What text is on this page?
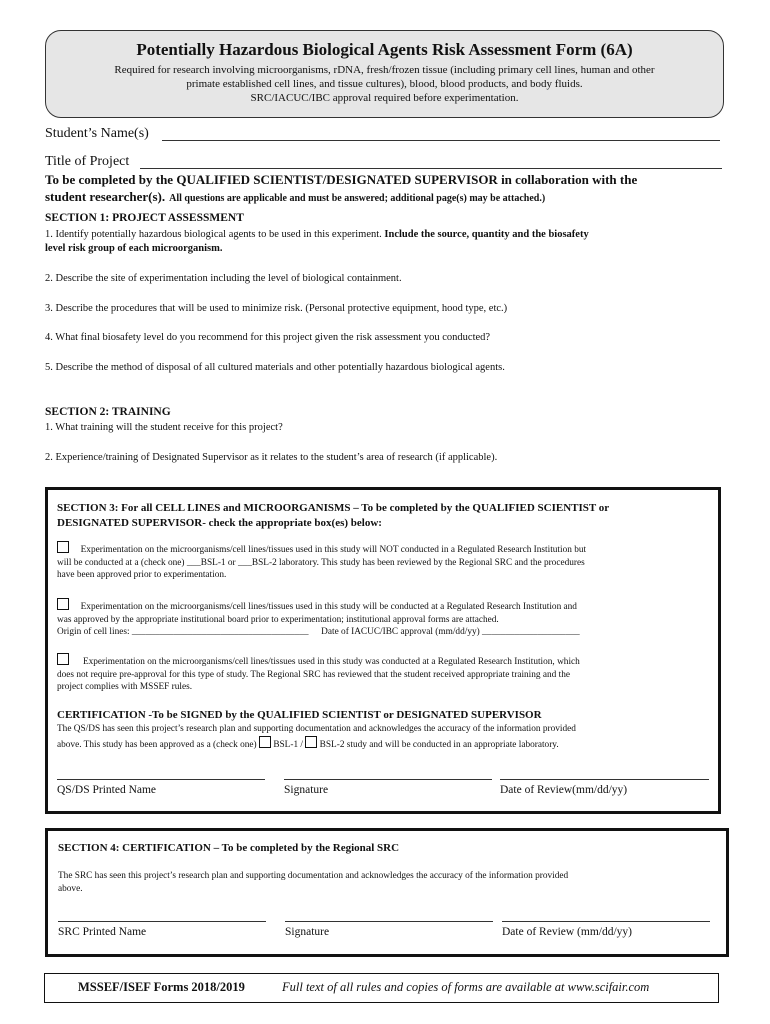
Potentially Hazardous Biological Agents Risk Assessment Form (6A)
Required for research involving microorganisms, rDNA, fresh/frozen tissue (including primary cell lines, human and other
primate established cell lines, and tissue cultures), blood, blood products, and body fluids.
SRC/IACUC/IBC approval required before experimentation.
Student’s Name(s)
Title of Project
To be completed by the QUALIFIED SCIENTIST/DESIGNATED SUPERVISOR in collaboration with the
student researcher(s). All questions are applicable and must be answered; additional page(s) may be attached.)
SECTION 1: PROJECT ASSESSMENT
1. Identify potentially hazardous biological agents to be used in this experiment. Include the source, quantity and the biosafety
level risk group of each microorganism.
2. Describe the site of experimentation including the level of biological containment.
3. Describe the procedures that will be used to minimize risk. (Personal protective equipment, hood type, etc.)
4. What final biosafety level do you recommend for this project given the risk assessment you conducted?
5. Describe the method of disposal of all cultured materials and other potentially hazardous biological agents.
SECTION 2: TRAINING
1. What training will the student receive for this project?
2. Experience/training of Designated Supervisor as it relates to the student’s area of research (if applicable).
SECTION 3: For all CELL LINES and MICROORGANISMS – To be completed by the QUALIFIED SCIENTIST or
DESIGNATED SUPERVISOR- check the appropriate box(es) below:
Experimentation on the microorganisms/cell lines/tissues used in this study will NOT conducted in a Regulated Research Institution but
will be conducted at a (check one) ___BSL-1 or ___BSL-2 laboratory. This study has been reviewed by the Regional SRC and the procedures
have been approved prior to experimentation.
Experimentation on the microorganisms/cell lines/tissues used in this study will be conducted at a Regulated Research Institution and
was approved by the appropriate institutional board prior to experimentation; institutional approval forms are attached.
Origin of cell lines: ______________________________________ Date of IACUC/IBC approval (mm/dd/yy) _____________________
Experimentation on the microorganisms/cell lines/tissues used in this study was conducted at a Regulated Research Institution, which
does not require pre-approval for this type of study. The Regional SRC has reviewed that the student received appropriate training and the
project complies with MSSEF rules.
CERTIFICATION -To be SIGNED by the QUALIFIED SCIENTIST or DESIGNATED SUPERVISOR
The QS/DS has seen this project’s research plan and supporting documentation and acknowledges the accuracy of the information provided
above. This study has been approved as a (check one) BSL-1 / BSL-2 study and will be conducted in an appropriate laboratory.
QS/DS Printed Name	Signature	Date of Review(mm/dd/yy)
SECTION 4: CERTIFICATION – To be completed by the Regional SRC
The SRC has seen this project’s research plan and supporting documentation and acknowledges the accuracy of the information provided
above.
SRC Printed Name	Signature	Date of Review (mm/dd/yy)
MSSEF/ISEF Forms 2018/2019	Full text of all rules and copies of forms are available at www.scifair.com
